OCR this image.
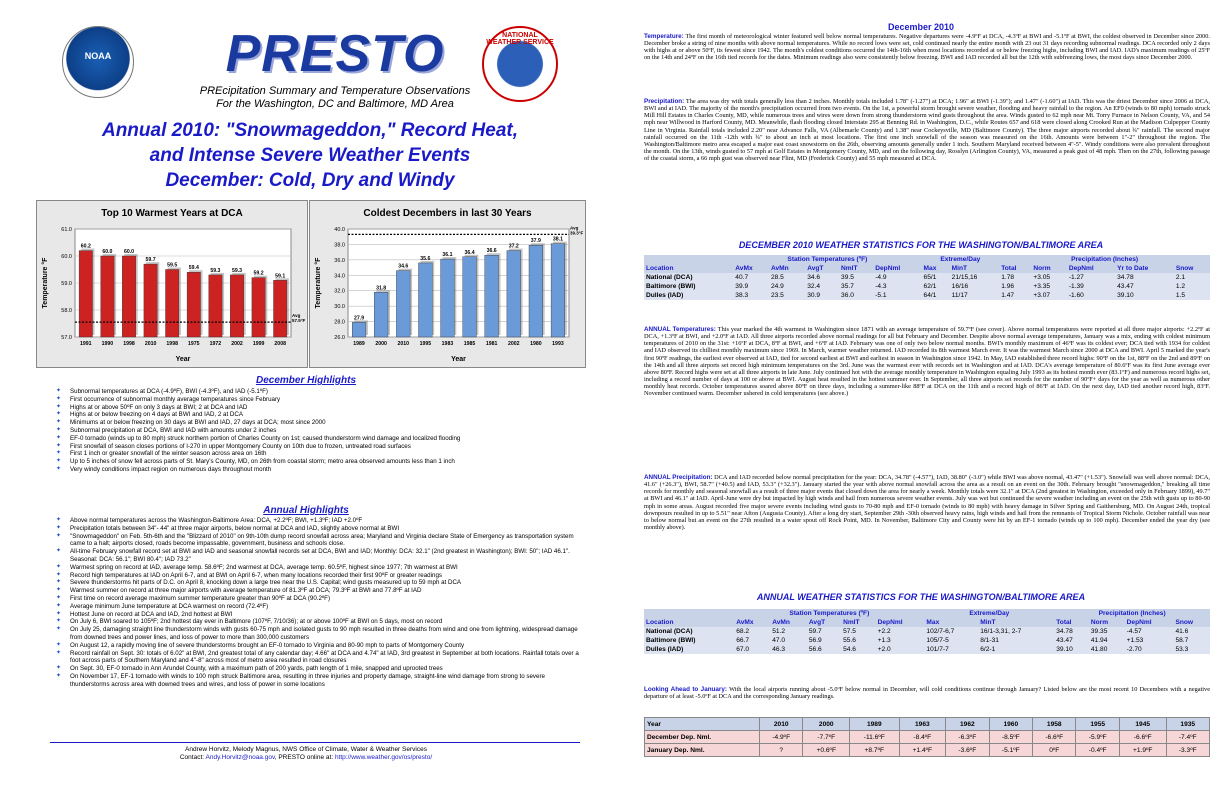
NOAA	PRESTO	NATIONAL WEATHER SERVICE
PREcipitation Summary and Temperature Observations
For the Washington, DC and Baltimore, MD Area
Annual 2010: "Snowmageddon," Record Heat,
and Intense Severe Weather Events
December: Cold, Dry and Windy
Top 10 Warmest Years at DCA
57.0
58.0
59.0
60.0
61.0
60.2
1991
60.0
1990
60.0
1998
59.7
2010
59.5
1998
59.4
1975
59.3
1972
59.3
2002
59.2
1999
59.1
2008
Avg 57.5°F
Year
Temperature °F
Coldest Decembers in last 30 Years
26.0
28.0
30.0
32.0
34.0
36.0
38.0
40.0
27.9
1989
31.8
2000
34.6
2010
35.6
1995
36.1
1983
36.4
1985
36.6
1981
37.2
2002
37.9
1980
38.1
1993
Avg 39.3°F
Year
Temperature °F
December Highlights
✦ Subnormal temperatures at DCA (-4.9ºF), BWI (-4.3ºF), and IAD (-5.1ºF)
✦ First occurrence of subnormal monthly average temperatures since February
✦ Highs at or above 50ºF on only 3 days at BWI; 2 at DCA and IAD
✦ Highs at or below freezing on 4 days at BWI and IAD, 2 at DCA
✦ Minimums at or below freezing on 30 days at BWI and IAD, 27 days at DCA; most since 2000
✦ Subnormal precipitation at DCA, BWI and IAD with amounts under 2 inches
✦ EF-0 tornado (winds up to 80 mph) struck northern portion of Charles County on 1st; caused thunderstorm wind damage and localized flooding
✦ First snowfall of season closes portions of I-270 in upper Montgomery County on 10th due to frozen, untreated road surfaces
✦ First 1 inch or greater snowfall of the winter season across area on 16th
✦ Up to 5 inches of snow fell across parts of St. Mary's County, MD, on 26th from coastal storm; metro area observed amounts less than 1 inch
✦ Very windy conditions impact region on numerous days throughout month
Annual Highlights
✦ Above normal temperatures across the Washington-Baltimore Area: DCA, +2.2ºF; BWI, +1.3ºF; IAD +2.0ºF
✦ Precipitation totals between 34"- 44" at three major airports, below normal at DCA and IAD, slightly above normal at BWI
✦ "Snowmageddon" on Feb. 5th-6th and the "Blizzard of 2010" on 9th-10th dump record snowfall across area; Maryland and Virginia declare State of Emergency as transportation system came to a halt; airports closed, roads become impassable, government, business and schools close.
✦ All-time February snowfall record set at BWI and IAD and seasonal snowfall records set at DCA, BWI and IAD; Monthly: DCA: 32.1" (2nd greatest in Washington); BWI: 50"; IAD 46.1". Seasonal: DCA: 56.1"; BWI 80.4"; IAD 73.2"
✦ Warmest spring on record at IAD, average temp. 58.6ºF; 2nd warmest at DCA, average temp. 60.5ºF, highest since 1977; 7th warmest at BWI
✦ Record high temperatures at IAD on April 6-7, and at BWI on April 6-7, when many locations recorded their first 90ºF or greater readings
✦ Severe thunderstorms hit parts of D.C. on April 8, knocking down a large tree near the U.S. Capital; wind gusts measured up to 59 mph at DCA
✦ Warmest summer on record at three major airports with average temperature of 81.3ºF at DCA; 79.3ºF at BWI and 77.8ºF at IAD
✦ First time on record average maximum summer temperature greater than 90ºF at DCA (90.2ºF)
✦ Average minimum June temperature at DCA warmest on record (72.4ºF)
✦ Hottest June on record at DCA and IAD, 2nd hottest at BWI
✦ On July 6, BWI soared to 105ºF; 2nd hottest day ever in Baltimore (107ºF, 7/10/36); at or above 100ºF at BWI on 5 days, most on record
✦ On July 25, damaging straight line thunderstorm winds with gusts 60-75 mph and isolated gusts to 90 mph resulted in three deaths from wind and one from lightning, widespread damage from downed trees and power lines, and loss of power to more than 300,000 customers
✦ On August 12, a rapidly moving line of severe thunderstorms brought an EF-0 tornado to Virginia and 80-90 mph to parts of Montgomery County
✦ Record rainfall on Sept. 30: totals of 6.02" at BWI, 2nd greatest total of any calendar day; 4.66" at DCA and 4.74" at IAD, 3rd greatest in September at both locations. Rainfall totals over a foot across parts of Southern Maryland and 4"-8" across most of metro area resulted in road closures
✦ On Sept. 30, EF-0 tornado in Ann Arundel County, with a maximum path of 200 yards, path length of 1 mile, snapped and uprooted trees
✦ On November 17, EF-1 tornado with winds to 100 mph struck Baltimore area, resulting in three injuries and property damage, straight-line wind damage from strong to severe thunderstorms across area with downed trees and wires, and loss of power in some locations
Andrew Horvitz, Melody Magnus, NWS Office of Climate, Water & Weather Services
Contact: Andy.Horvitz@noaa.gov, PRESTO online at: http://www.weather.gov/os/presto/
December 2010
Temperature: The first month of meteorological winter featured well below normal temperatures. Negative departures were -4.9ºF at DCA, -4.3ºF at BWI and -5.1ºF at BWI, the coldest observed in December since 2000. December broke a string of nine months with above normal temperatures. While no record lows were set, cold continued nearly the entire month with 23 out 31 days recording subnormal readings. DCA recorded only 2 days with highs at or above 50ºF, its fewest since 1942. The month's coldest conditions occurred the 14th-16th when most locations recorded at or below freezing highs, including BWI and IAD. IAD's maximum readings of 25ºF on the 14th and 24ºF on the 16th tied records for the dates. Minimum readings also were consistently below freezing. BWI and IAD recorded all but the 12th with subfreezing lows, the most days since December 2000.
Precipitation: The area was dry with totals generally less than 2 inches. Monthly totals included 1.78" (-1.27") at DCA; 1.96" at BWI (-1.39"); and 1.47" (-1.60") at IAD. This was the driest December since 2006 at DCA, BWI and at IAD. The majority of the month's precipitation occurred from two events. On the 1st, a powerful storm brought severe weather, flooding and heavy rainfall to the region. An EF0 (winds to 80 mph) tornado struck Mill Hill Estates in Charles County, MD, while numerous trees and wires were down from strong thunderstorm wind gusts throughout the area. Winds gusted to 62 mph near Mt. Torry Furnace in Nelson County, VA, and 54 mph near Willwood in Harford County, MD. Meanwhile, flash flooding closed Interstate 295 at Benning Rd. in Washington, D.C., while Routes 657 and 618 were closed along Crooked Run at the Madison Culpepper County Line in Virginia. Rainfall totals included 2.20" near Advance Falls, VA (Albemarle County) and 1.38" near Cockeysville, MD (Baltimore County). The three major airports recorded about ¾" rainfall. The second major rainfall occurred on the 11th -12th with ¾" to about an inch at most locations. The first one inch snowfall of the season was measured on the 16th. Amounts were between 1"-2" throughout the region. The Washington/Baltimore metro area escaped a major east coast snowstorm on the 26th, observing amounts generally under 1 inch. Southern Maryland received between 4"-5". Windy conditions were also prevalent throughout the month. On the 13th, winds gusted to 57 mph at Golf Estates in Montgomery County, MD, and on the following day, Rosslyn (Arlington County), VA, measured a peak gust of 48 mph. Then on the 27th, following passage of the coastal storm, a 66 mph gust was observed near Flint, MD (Frederick County) and 55 mph measured at DCA.
DECEMBER 2010 WEATHER STATISTICS FOR THE WASHINGTON/BALTIMORE AREA
	Station Temperatures (ºF)					Extreme/Day		Precipitation (Inches)				
Location	AvMx	AvMn	AvgT	NmlT	DepNml	Max	MinT	Total	Norm	DepNml	Yr to Date	Snow
National (DCA)	40.7	28.5	34.6	39.5	-4.9	65/1	21/15,16	1.78	+3.05	-1.27	34.78	2.1
Baltimore (BWI)	39.9	24.9	32.4	35.7	-4.3	62/1	16/16	1.96	+3.35	-1.39	43.47	1.2
Dulles (IAD)	38.3	23.5	30.9	36.0	-5.1	64/1	11/17	1.47	+3.07	-1.60	39.10	1.5
ANNUAL Temperatures: This year marked the 4th warmest in Washington since 1871 with an average temperature of 59.7ºF (see cover). Above normal temperatures were reported at all three major airports: +2.2ºF at DCA, +1.3ºF at BWI, and +2.0ºF at IAD. All three airports recorded above normal readings for all but February and December. Despite above normal average temperatures, January was a mix, ending with coldest minimum temperatures of 2010 on the 31st: +16ºF at DCA, 8ºF at BWI, and +6ºF at IAD. February was one of only two below normal months. BWI's monthly maximum of 46ºF was its coldest ever; DCA tied with 1934 for coldest and IAD observed its chilliest monthly maximum since 1969. In March, warmer weather returned. IAD recorded its 8th warmest March ever. It was the warmest March since 2000 at DCA and BWI. April 5 marked the year's first 90ºF readings, the earliest ever observed at IAD, tied for second earliest at BWI and earliest in season in Washington since 1942. In May, IAD established three record highs: 90ºF on the 1st, 88ºF on the 2nd and 89ºF on the 14th and all three airports set record high minimum temperatures on the 3rd. June was the warmest ever with records set in Washington and at IAD. DCA's average temperature of 80.6ºF was its first June average ever above 80ºF. Record highs were set at all three airports in late June. July continued hot with the average monthly temperature in Washington equaling July 1993 as its hottest month ever (83.1ºF) and numerous record highs set, including a record number of days at 100 or above at BWI. August heat resulted in the hottest summer ever. In September, all three airports set records for the number of 90ºF+ days for the year as well as numerous other monthly heat records. October temperatures soared above 80ºF on three days, including a summer-like 88ºF at DCA on the 11th and a record high of 86ºF at IAD. On the next day, IAD tied another record high, 83ºF. November continued warm. December ushered in cold temperatures (see above.)
ANNUAL Precipitation: DCA and IAD recorded below normal precipitation for the year: DCA, 34.78" (-4.57"), IAD, 38.80" (-3.0") while BWI was above normal, 43.47" (+1.53"). Snowfall was well above normal: DCA, 41.6" (+26.3"), BWI, 58.7" (+40.5) and IAD, 53.3" (+32.3"). January started the year with above normal snowfall across the area as a result on an event on the 30th. February brought "snowmageddon," breaking all time records for monthly and seasonal snowfall as a result of three major events that closed down the area for nearly a week. Monthly totals were 32.1" at DCA (2nd greatest in Washington, exceeded only in February 1899), 49.7" at BWI and 46.1" at IAD. April-June were dry but impacted by high winds and hail from numerous severe weather events. July was wet but continued the severe weather including an event on the 25th with gusts up to 80-90 mph in some areas. August recorded five major severe events including wind gusts to 70-80 mph and EF-0 tornado (winds to 80 mph) with heavy damage in Silver Spring and Gaithersburg, MD. On August 24th, tropical downpours resulted in up to 5.51" near Afton (Augusta County). After a long dry start, September 29th -30th observed heavy rains, high winds and hail from the remnants of Tropical Storm Nichole. October rainfall was near to below normal but an event on the 27th resulted in a water spout off Rock Point, MD. In November, Baltimore City and County were hit by an EF-1 tornado (winds up to 100 mph). December ended the year dry (see monthly above).
ANNUAL WEATHER STATISTICS FOR THE WASHINGTON/BALTIMORE AREA
	Station Temperatures (ºF)					Extreme/Day		Precipitation (Inches)			
Location	AvMx	AvMn	AvgT	NmlT	DepNml	Max	MinT	Total	Norm	DepNml	Snow
National (DCA)	68.2	51.2	59.7	57.5	+2.2	102/7-6,7	16/1-3,31, 2-7	34.78	39.35	-4.57	41.6
Baltimore (BWI)	66.7	47.0	56.9	55.6	+1.3	105/7-5	8/1-31	43.47	41.94	+1.53	58.7
Dulles (IAD)	67.0	46.3	56.6	54.6	+2.0	101/7-7	6/2-1	39.10	41.80	-2.70	53.3
Looking Ahead to January: With the local airports running about -5.0ºF below normal in December, will cold conditions continue through January? Listed below are the most recent 10 Decembers with a negative departure of at least -5.0ºF at DCA and the corresponding January readings.
Year	2010	2000	1989	1963	1962	1960	1958	1955	1945	1935
December Dep. Nml.	-4.9ºF	-7.7ºF	-11.6ºF	-8.4ºF	-6.3ºF	-8.5ºF	-6.6ºF	-5.9ºF	-6.6ºF	-7.4ºF
January Dep. Nml.	?	+0.6ºF	+8.7ºF	+1.4ºF	-3.6ºF	-5.1ºF	0ºF	-0.4ºF	+1.9ºF	-3.3ºF
